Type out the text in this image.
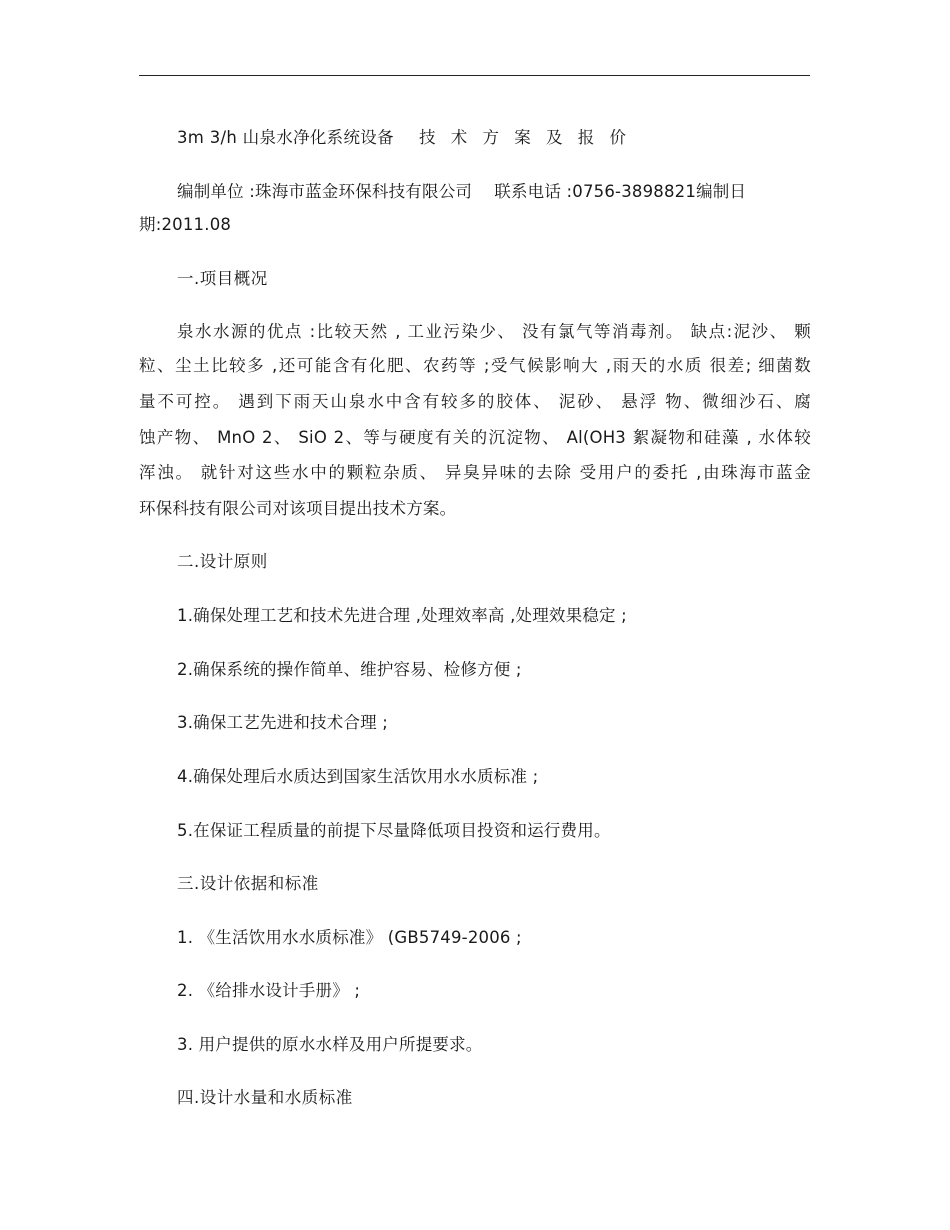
3m 3/h 山泉水净化系统设备 技 术 方 案 及 报 价
编制单位 :珠海市蓝金环保科技有限公司　 联系电话 :0756-3898821编制日
期:2011.08
一.项目概况
泉水水源的优点 :比较天然 , 工业污染少、 没有氯气等消毒剂。 缺点:泥沙、 颗
粒、尘土比较多 ,还可能含有化肥、农药等 ;受气候影响大 ,雨天的水质 很差; 细菌数
量不可控。 遇到下雨天山泉水中含有较多的胶体、 泥砂、 悬浮 物、微细沙石、腐
蚀产物、 MnO 2、 SiO 2、等与硬度有关的沉淀物、 Al(OH3 絮凝物和硅藻 , 水体较
浑浊。 就针对这些水中的颗粒杂质、 异臭异味的去除 受用户的委托 ,由珠海市蓝金
环保科技有限公司对该项目提出技术方案。
二.设计原则
1.确保处理工艺和技术先进合理 ,处理效率高 ,处理效果稳定 ;
2.确保系统的操作简单、维护容易、检修方便 ;
3.确保工艺先进和技术合理 ;
4.确保处理后水质达到国家生活饮用水水质标准 ;
5.在保证工程质量的前提下尽量降低项目投资和运行费用。
三.设计依据和标准
1. 《生活饮用水水质标准》 (GB5749-2006 ;
2. 《给排水设计手册》 ;
3. 用户提供的原水水样及用户所提要求。
四.设计水量和水质标准
